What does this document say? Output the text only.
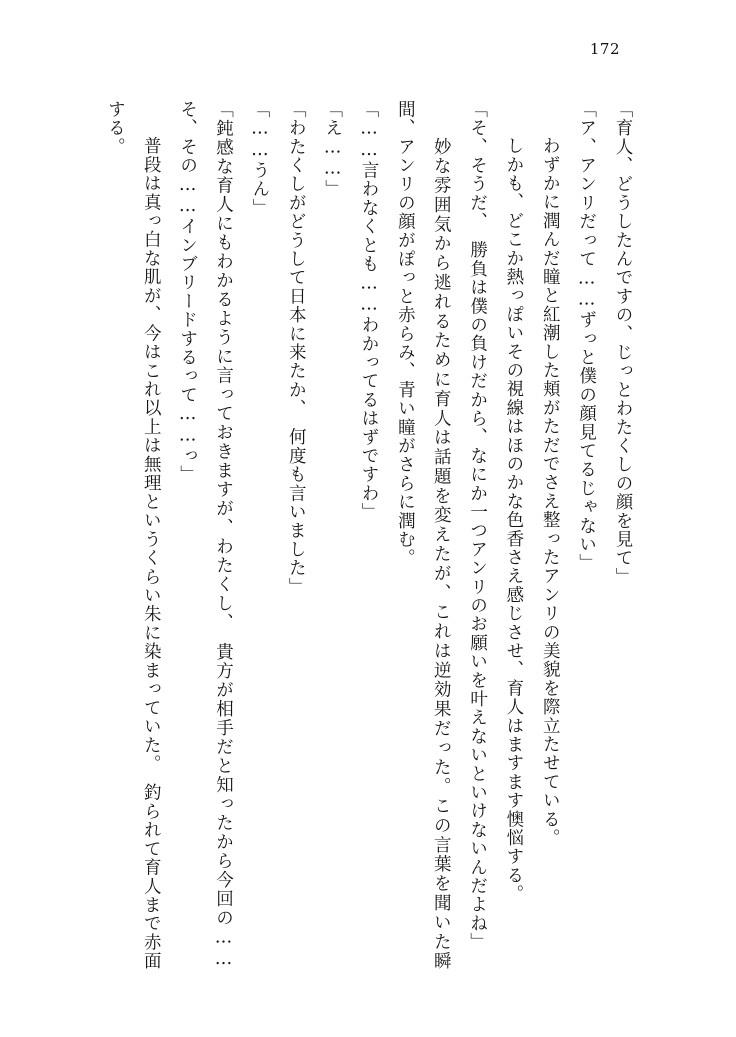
172

「育人、どうしたんですの、じっとわたくしの顔を見て」

「ア、アンリだって……ずっと僕の顔見てるじゃない」

　わずかに潤んだ瞳と紅潮した頬がただでさえ整ったアンリの美貌を際立たせている。

　しかも、どこか熱っぽいその視線はほのかな色香さえ感じさせ、育人はますます懊悩する。

「そ、そうだ、　勝負は僕の負けだから、なにか一つアンリのお願いを叶えないといけないんだよね」

　妙な雰囲気から逃れるために育人は話題を変えたが、これは逆効果だった。この言葉を聞いた瞬間、アンリの顔がぽっと赤らみ、青い瞳がさらに潤む。

「……言わなくとも……わかってるはずですわ」

「え……」

「わたくしがどうして日本に来たか、　何度も言いました」

「……うん」

「鈍感な育人にもわかるように言っておきますが、わたくし、　貴方が相手だと知ったから今回の……そ、その……インブリードするって……っ」

　普段は真っ白な肌が、今はこれ以上は無理というくらい朱に染まっていた。　釣られて育人まで赤面する。
